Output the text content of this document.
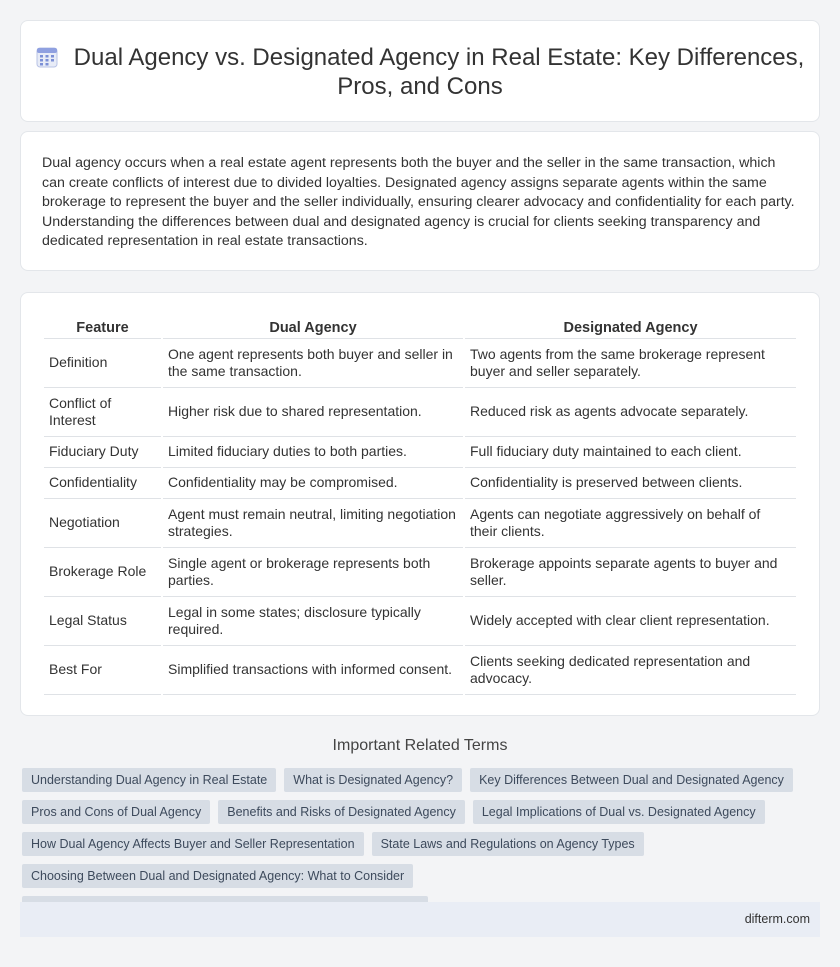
Dual Agency vs. Designated Agency in Real Estate: Key Differences, Pros, and Cons

Dual agency occurs when a real estate agent represents both the buyer and the seller in the same transaction, which can create conflicts of interest due to divided loyalties. Designated agency assigns separate agents within the same brokerage to represent the buyer and the seller individually, ensuring clearer advocacy and confidentiality for each party. Understanding the differences between dual and designated agency is crucial for clients seeking transparency and dedicated representation in real estate transactions.

Feature	Dual Agency	Designated Agency
Definition	One agent represents both buyer and seller in the same transaction.	Two agents from the same brokerage represent buyer and seller separately.
Conflict of Interest	Higher risk due to shared representation.	Reduced risk as agents advocate separately.
Fiduciary Duty	Limited fiduciary duties to both parties.	Full fiduciary duty maintained to each client.
Confidentiality	Confidentiality may be compromised.	Confidentiality is preserved between clients.
Negotiation	Agent must remain neutral, limiting negotiation strategies.	Agents can negotiate aggressively on behalf of their clients.
Brokerage Role	Single agent or brokerage represents both parties.	Brokerage appoints separate agents to buyer and seller.
Legal Status	Legal in some states; disclosure typically required.	Widely accepted with clear client representation.
Best For	Simplified transactions with informed consent.	Clients seeking dedicated representation and advocacy.
Important Related Terms
Understanding Dual Agency in Real Estate	What is Designated Agency?	Key Differences Between Dual and Designated Agency
Pros and Cons of Dual Agency	Benefits and Risks of Designated Agency	Legal Implications of Dual vs. Designated Agency
How Dual Agency Affects Buyer and Seller Representation	State Laws and Regulations on Agency Types
Choosing Between Dual and Designated Agency: What to Consider
difterm.com
